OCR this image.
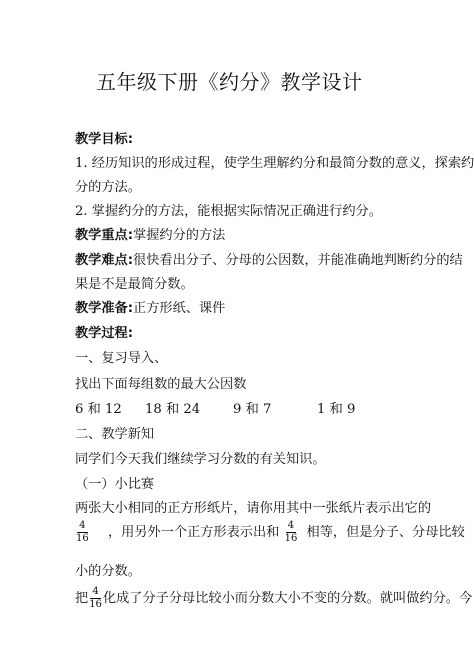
五年级下册《约分》教学设计
教学目标:
1. 经历知识的形成过程，使学生理解约分和最简分数的意义，探索约
分的方法。
2. 掌握约分的方法，能根据实际情况正确进行约分。
教学重点:掌握约分的方法
教学难点:很快看出分子、分母的公因数，并能准确地判断约分的结
果是不是最简分数。
教学准备:正方形纸、课件
教学过程:
一、复习导入、
找出下面每组数的最大公因数
6 和 12 18 和 24 9 和 7	1 和 9
二、教学新知
同学们今天我们继续学习分数的有关知识。
（一）小比赛
两张大小相同的正方形纸片，请你用其中一张纸片表示出它的
$\frac{4}{16}$ ，用另外一个正方形表示出和 $\frac{4}{16}$ 相等，但是分子、分母比较
小的分数。
把 $\frac{4}{16}$ 化成了分子分母比较小而分数大小不变的分数。就叫做约分。今
